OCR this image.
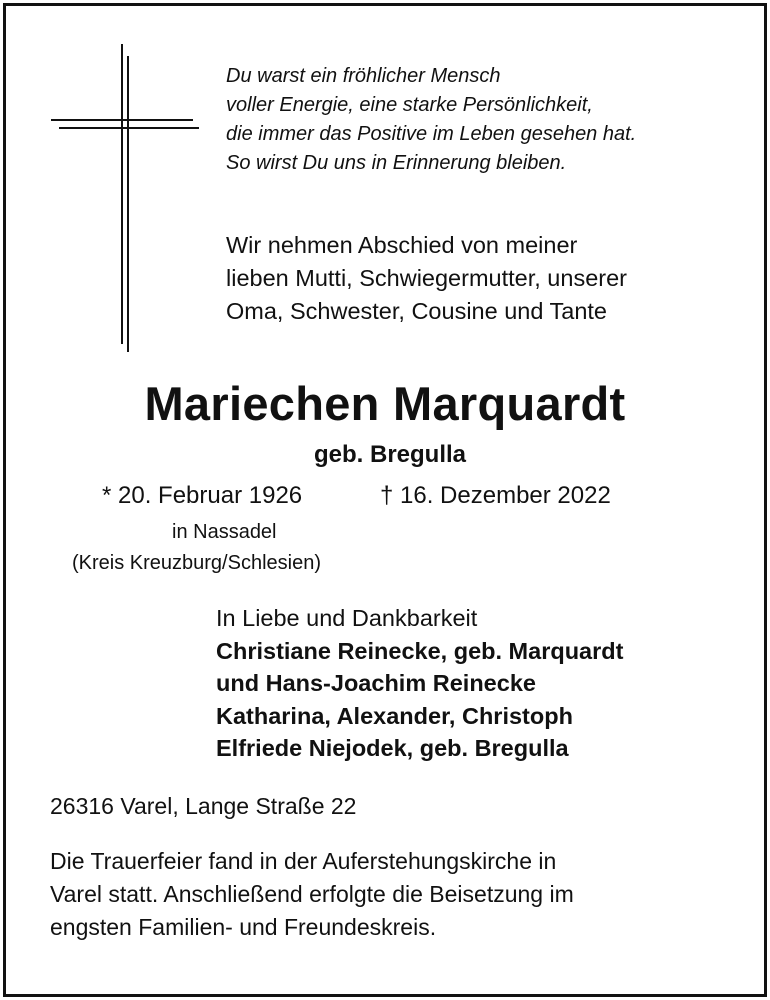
Du warst ein fröhlicher Mensch
voller Energie, eine starke Persönlichkeit,
die immer das Positive im Leben gesehen hat.
So wirst Du uns in Erinnerung bleiben.
Wir nehmen Abschied von meiner
lieben Mutti, Schwiegermutter, unserer
Oma, Schwester, Cousine und Tante
Mariechen Marquardt
geb. Bregulla
* 20. Februar 1926	† 16. Dezember 2022
in Nassadel
(Kreis Kreuzburg/Schlesien)
In Liebe und Dankbarkeit
Christiane Reinecke, geb. Marquardt
und Hans-Joachim Reinecke
Katharina, Alexander, Christoph
Elfriede Niejodek, geb. Bregulla
26316 Varel, Lange Straße 22
Die Trauerfeier fand in der Auferstehungskirche in
Varel statt. Anschließend erfolgte die Beisetzung im
engsten Familien- und Freundeskreis.
